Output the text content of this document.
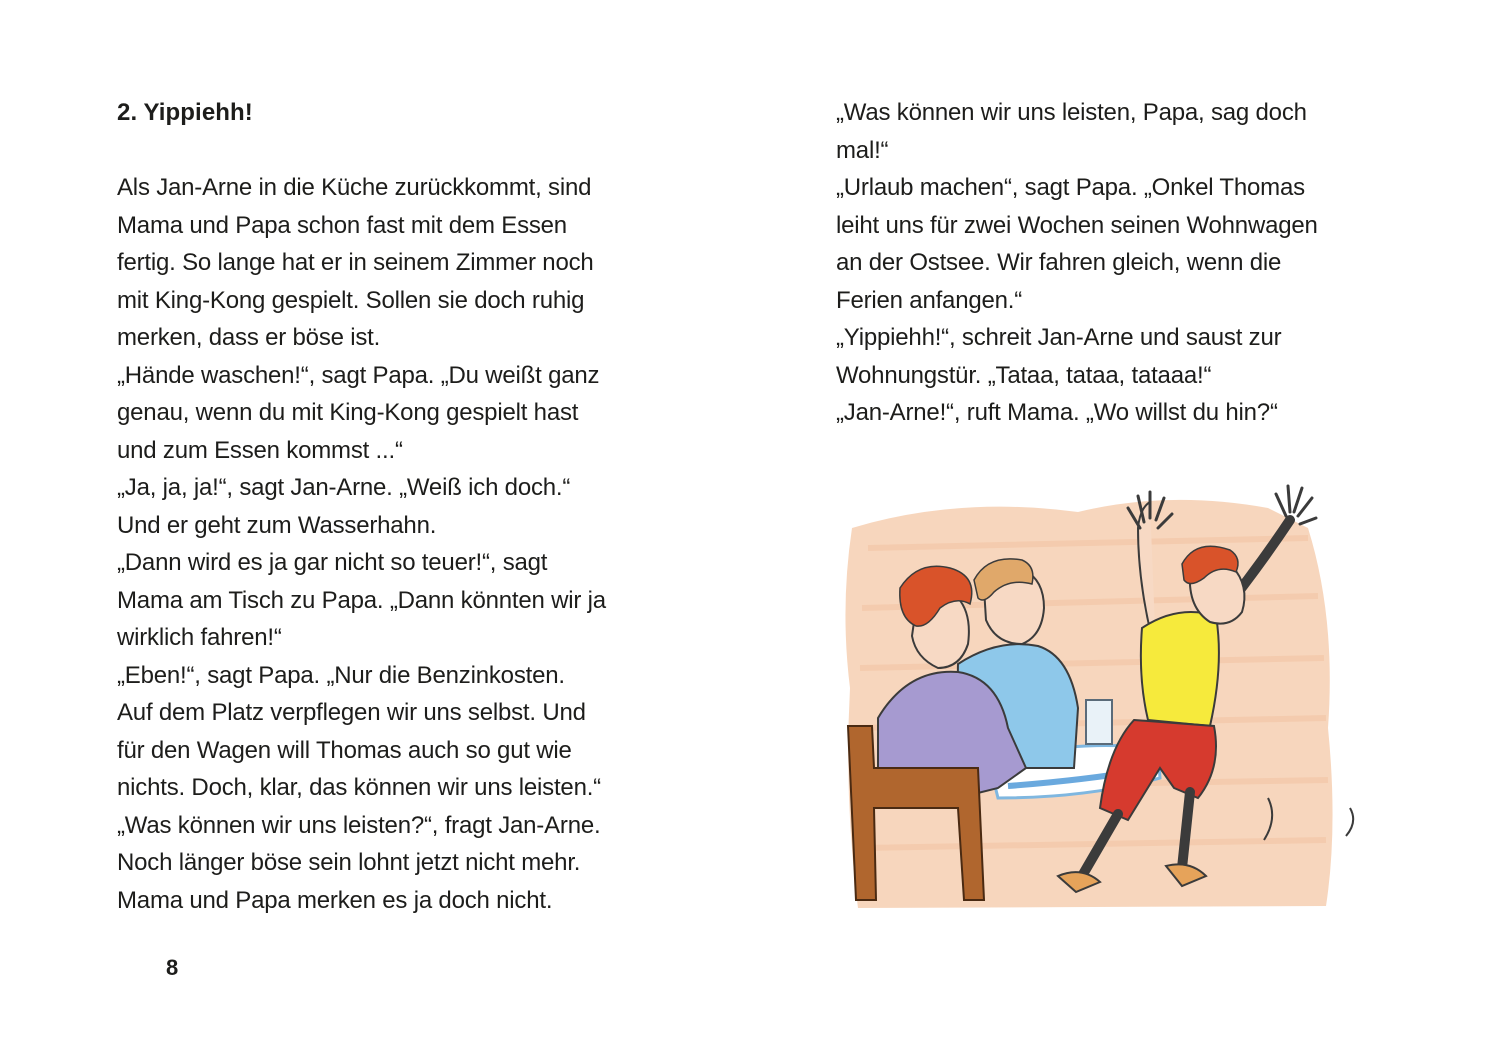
2. Yippiehh!
Als Jan-Arne in die Küche zurückkommt, sind
Mama und Papa schon fast mit dem Essen
fertig. So lange hat er in seinem Zimmer noch
mit King-Kong gespielt. Sollen sie doch ruhig
merken, dass er böse ist.
„Hände waschen!“, sagt Papa. „Du weißt ganz
genau, wenn du mit King-Kong gespielt hast
und zum Essen kommst ...“
„Ja, ja, ja!“, sagt Jan-Arne. „Weiß ich doch.“
Und er geht zum Wasserhahn.
„Dann wird es ja gar nicht so teuer!“, sagt
Mama am Tisch zu Papa. „Dann könnten wir ja
wirklich fahren!“
„Eben!“, sagt Papa. „Nur die Benzinkosten.
Auf dem Platz verpflegen wir uns selbst. Und
für den Wagen will Thomas auch so gut wie
nichts. Doch, klar, das können wir uns leisten.“
„Was können wir uns leisten?“, fragt Jan-Arne.
Noch länger böse sein lohnt jetzt nicht mehr.
Mama und Papa merken es ja doch nicht.
8
„Was können wir uns leisten, Papa, sag doch
mal!“
„Urlaub machen“, sagt Papa. „Onkel Thomas
leiht uns für zwei Wochen seinen Wohnwagen
an der Ostsee. Wir fahren gleich, wenn die
Ferien anfangen.“
„Yippiehh!“, schreit Jan-Arne und saust zur
Wohnungstür. „Tataa, tataa, tataaa!“
„Jan-Arne!“, ruft Mama. „Wo willst du hin?“
